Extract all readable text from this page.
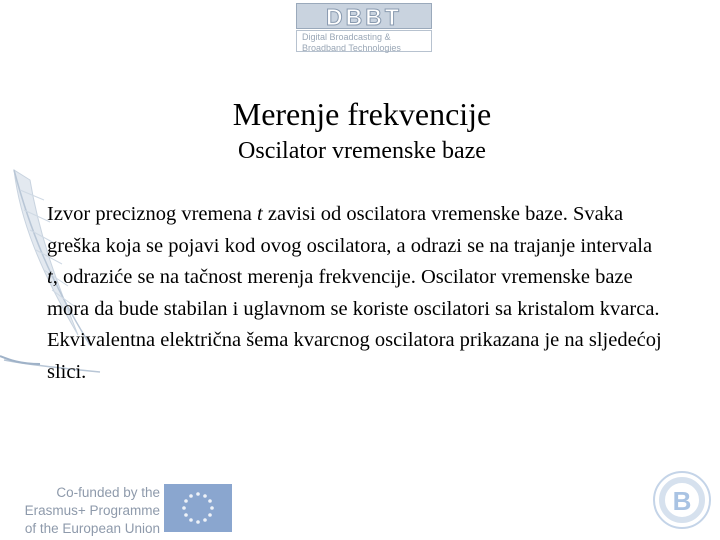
DBBT
Digital Broadcasting &
Broadband Technologies
Merenje frekvencije
Oscilator vremenske baze
Izvor preciznog vremena t zavisi od oscilatora vremenske baze. Svaka greška koja se pojavi kod ovog oscilatora, a odrazi se na trajanje intervala t, odraziće se na tačnost merenja frekvencije. Oscilator vremenske baze mora da bude stabilan i uglavnom se koriste oscilatori sa kristalom kvarca. Ekvivalentna električna šema kvarcnog oscilatora prikazana je na sljedećoj slici.
Co-funded by the
Erasmus+ Programme
of the European Union
B
